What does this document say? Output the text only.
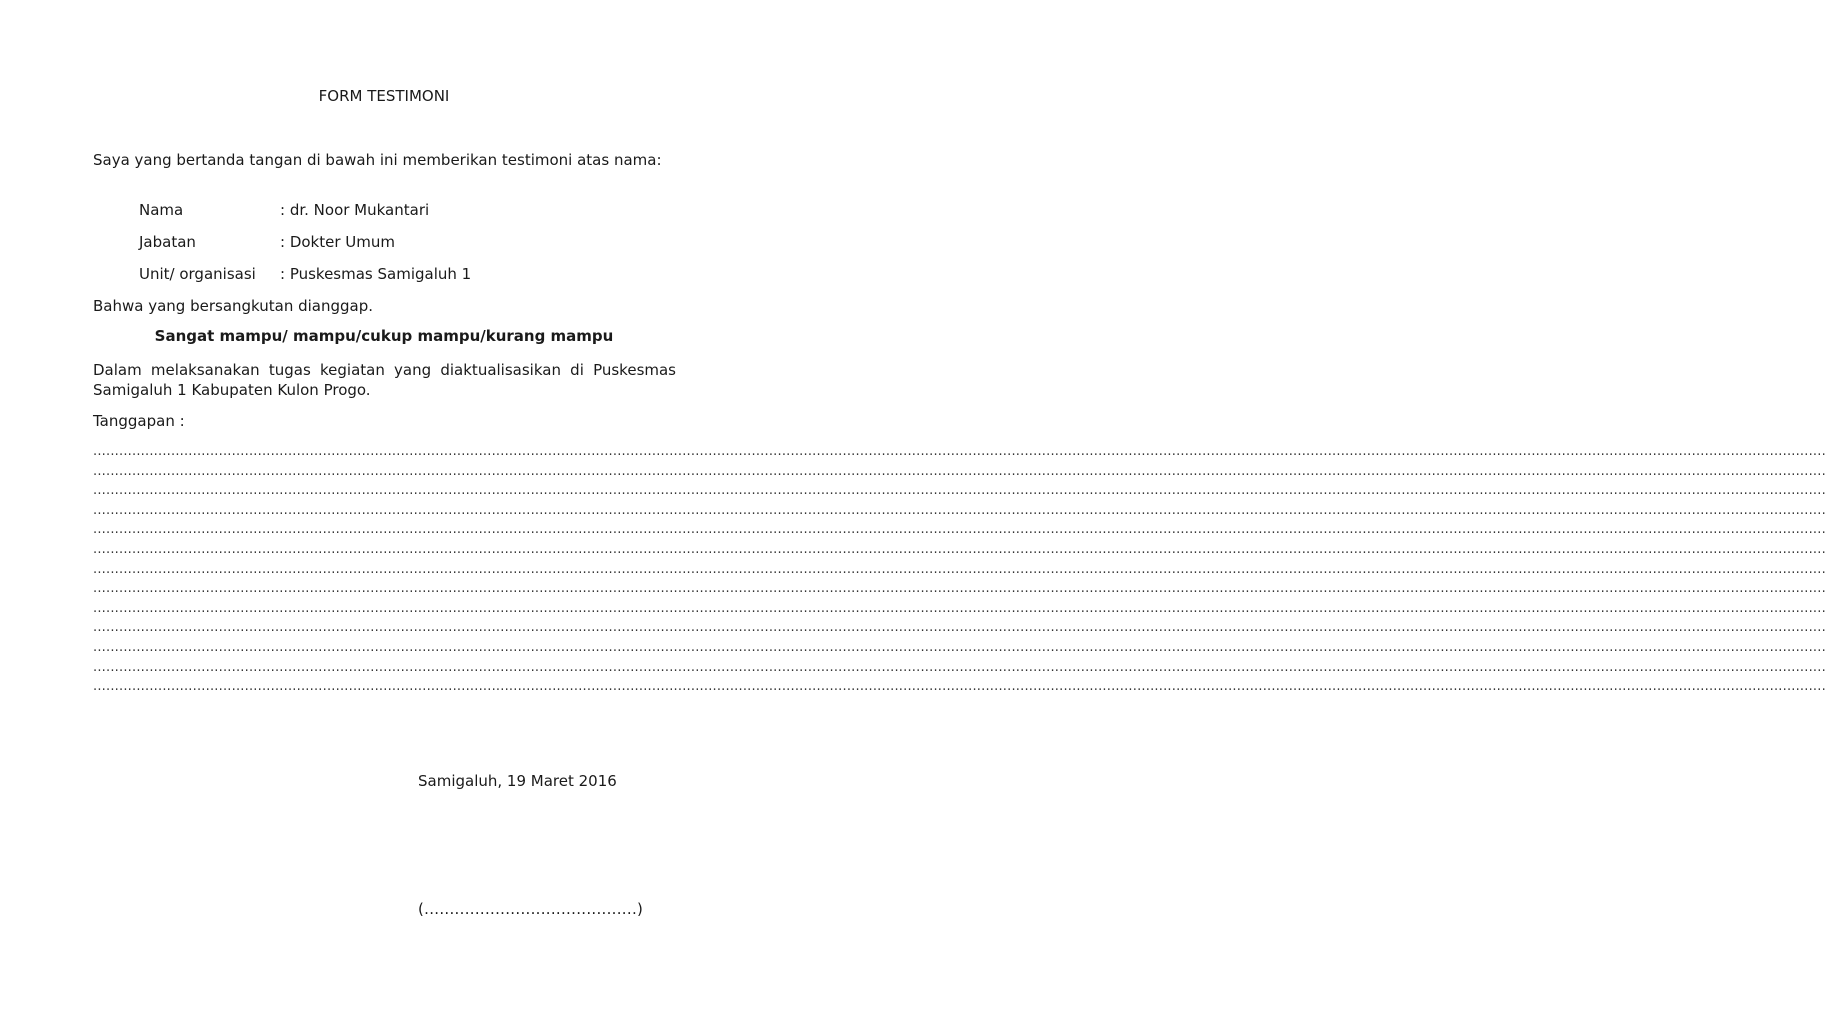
FORM TESTIMONI
Saya yang bertanda tangan di bawah ini memberikan testimoni atas nama:
Nama	: dr. Noor Mukantari
Jabatan	: Dokter Umum
Unit/ organisasi : Puskesmas Samigaluh 1
Bahwa yang bersangkutan dianggap.
Sangat mampu/ mampu/cukup mampu/kurang mampu
Dalam melaksanakan tugas kegiatan yang diaktualisasikan di Puskesmas Samigaluh 1 Kabupaten Kulon Progo.
Tanggapan :
................................................................................................................................................................................................................................................................................................................................................................................................................
................................................................................................................................................................................................................................................................................................................................................................................................................
................................................................................................................................................................................................................................................................................................................................................................................................................
................................................................................................................................................................................................................................................................................................................................................................................................................
................................................................................................................................................................................................................................................................................................................................................................................................................
................................................................................................................................................................................................................................................................................................................................................................................................................
................................................................................................................................................................................................................................................................................................................................................................................................................
................................................................................................................................................................................................................................................................................................................................................................................................................
................................................................................................................................................................................................................................................................................................................................................................................................................
................................................................................................................................................................................................................................................................................................................................................................................................................
................................................................................................................................................................................................................................................................................................................................................................................................................
................................................................................................................................................................................................................................................................................................................................................................................................................
................................................................................................................................................................................................................................................................................................................................................................................................................
Samigaluh, 19 Maret 2016
(..........................................)
